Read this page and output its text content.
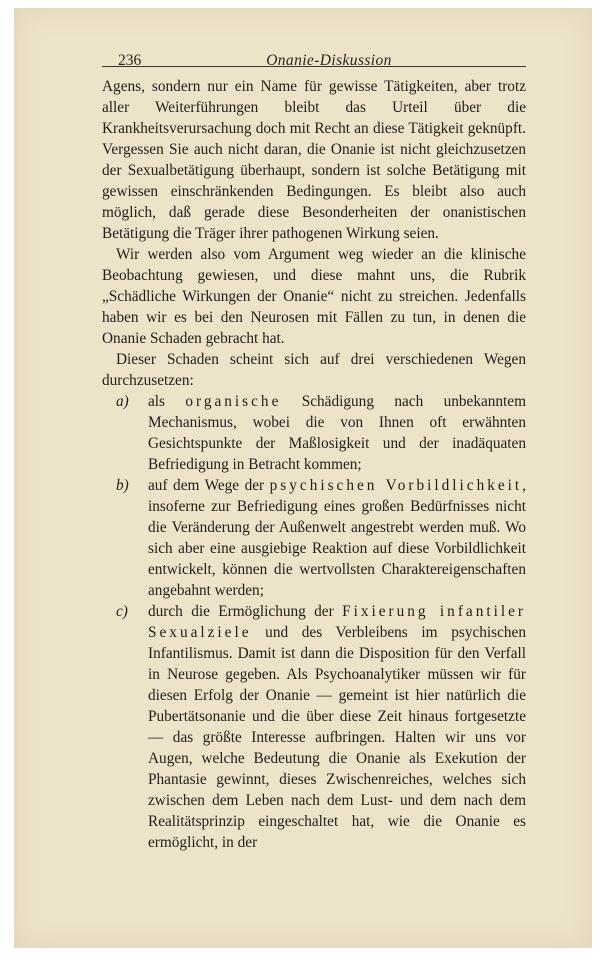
236	Onanie-Diskussion

Agens, sondern nur ein Name für gewisse Tätigkeiten, aber trotz aller Weiterführungen bleibt das Urteil über die Krankheitsverursachung doch mit Recht an diese Tätigkeit geknüpft. Vergessen Sie auch nicht daran, die Onanie ist nicht gleichzusetzen der Sexualbetätigung überhaupt, sondern ist solche Betätigung mit gewissen einschränkenden Bedingungen. Es bleibt also auch möglich, daß gerade diese Besonderheiten der onanistischen Betätigung die Träger ihrer pathogenen Wirkung seien.

Wir werden also vom Argument weg wieder an die klinische Beobachtung gewiesen, und diese mahnt uns, die Rubrik „Schädliche Wirkungen der Onanie“ nicht zu streichen. Jedenfalls haben wir es bei den Neurosen mit Fällen zu tun, in denen die Onanie Schaden gebracht hat.

Dieser Schaden scheint sich auf drei verschiedenen Wegen durchzusetzen:

a) als organische Schädigung nach unbekanntem Mechanismus, wobei die von Ihnen oft erwähnten Gesichtspunkte der Maßlosigkeit und der inadäquaten Befriedigung in Betracht kommen;

b) auf dem Wege der psychischen Vorbildlichkeit, insoferne zur Befriedigung eines großen Bedürfnisses nicht die Veränderung der Außenwelt angestrebt werden muß. Wo sich aber eine ausgiebige Reaktion auf diese Vorbildlichkeit entwickelt, können die wertvollsten Charaktereigenschaften angebahnt werden;

c) durch die Ermöglichung der Fixierung infantiler Sexualziele und des Verbleibens im psychischen Infantilismus. Damit ist dann die Disposition für den Verfall in Neurose gegeben. Als Psychoanalytiker müssen wir für diesen Erfolg der Onanie — gemeint ist hier natürlich die Pubertätsonanie und die über diese Zeit hinaus fortgesetzte — das größte Interesse aufbringen. Halten wir uns vor Augen, welche Bedeutung die Onanie als Exekution der Phantasie gewinnt, dieses Zwischenreiches, welches sich zwischen dem Leben nach dem Lust- und dem nach dem Realitätsprinzip eingeschaltet hat, wie die Onanie es ermöglicht, in der
